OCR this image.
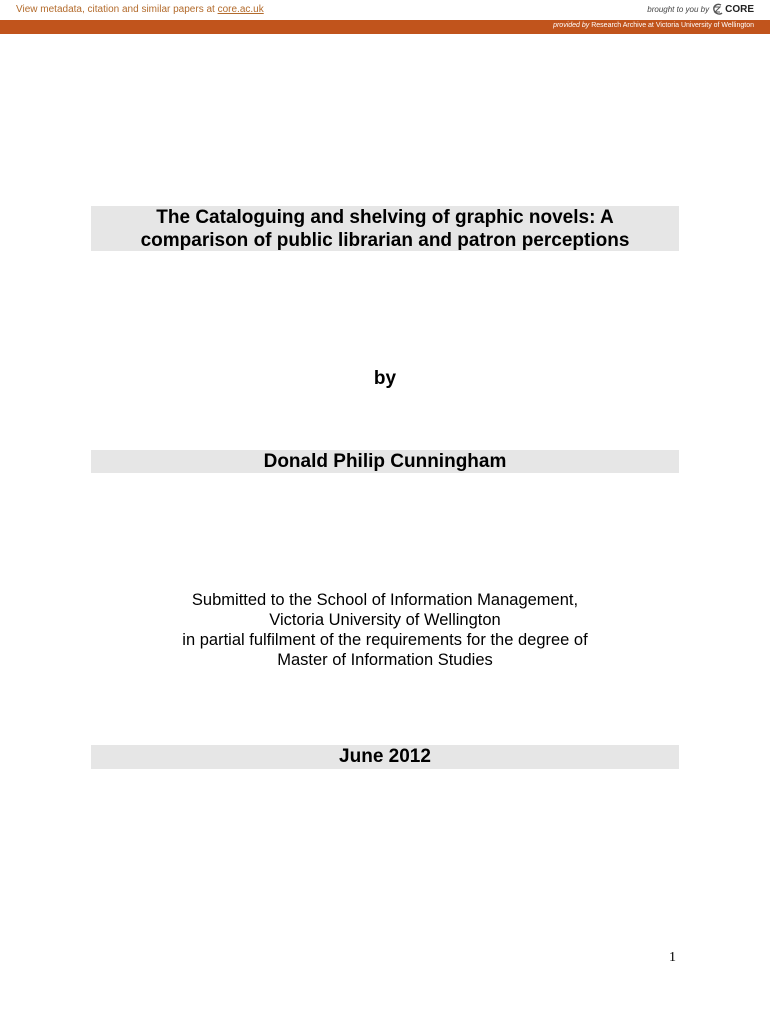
View metadata, citation and similar papers at core.ac.uk	brought to you by CORE
provided by Research Archive at Victoria University of Wellington
The Cataloguing and shelving of graphic novels: A
comparison of public librarian and patron perceptions
by
Donald Philip Cunningham
Submitted to the School of Information Management,
Victoria University of Wellington
in partial fulfilment of the requirements for the degree of
Master of Information Studies
June 2012
1
